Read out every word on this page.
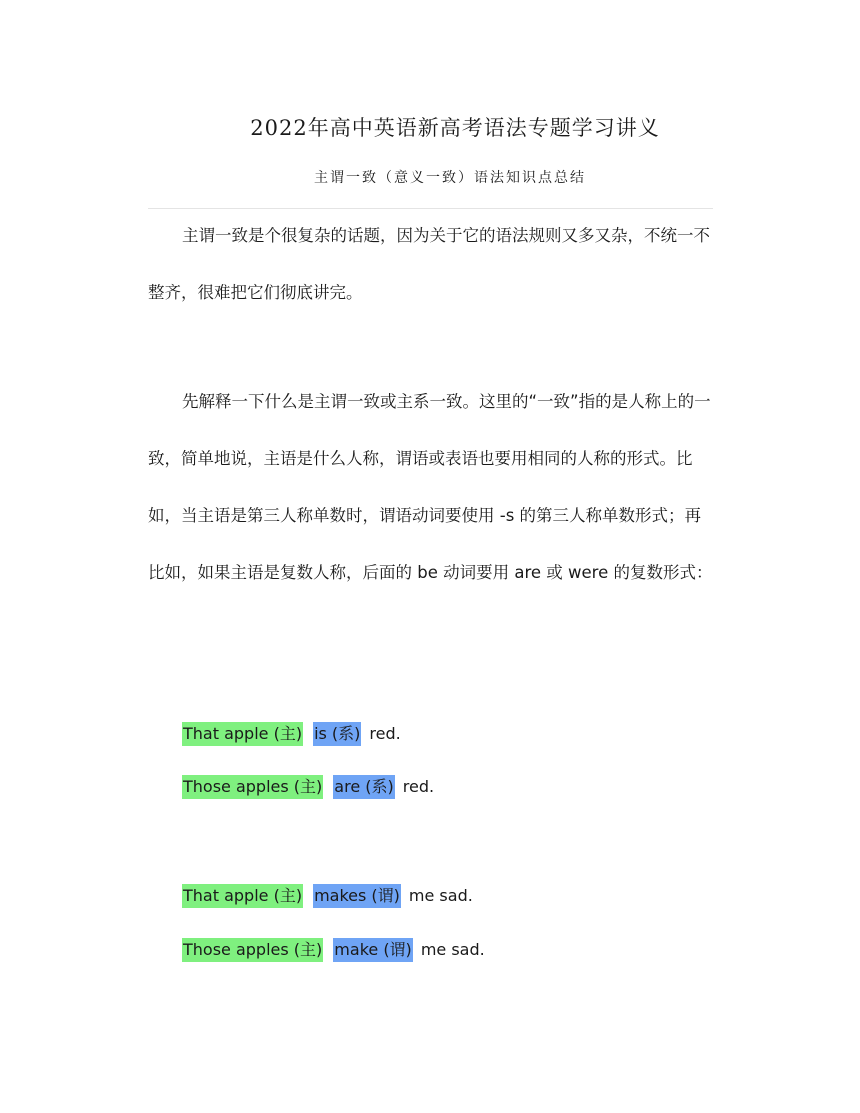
2022年高中英语新高考语法专题学习讲义
主谓一致（意义一致）语法知识点总结

主谓一致是个很复杂的话题，因为关于它的语法规则又多又杂，不统一不整齐，很难把它们彻底讲完。

先解释一下什么是主谓一致或主系一致。这里的“一致”指的是人称上的一致，简单地说，主语是什么人称，谓语或表语也要用相同的人称的形式。比如，当主语是第三人称单数时，谓语动词要使用 -s 的第三人称单数形式；再比如，如果主语是复数人称，后面的 be 动词要用 are 或 were 的复数形式：

That apple (主) is (系) red.
Those apples (主) are (系) red.
That apple (主) makes (谓) me sad.
Those apples (主) make (谓) me sad.
